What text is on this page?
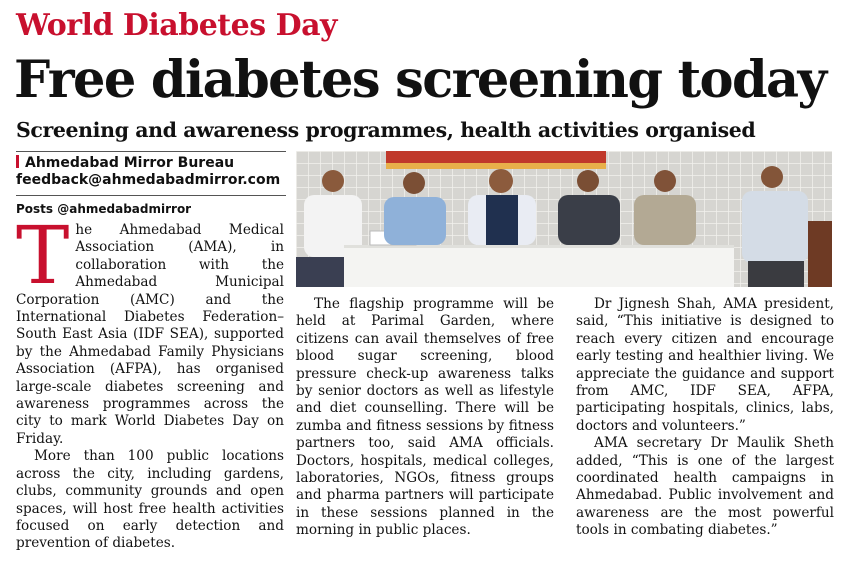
World Diabetes Day
Free diabetes screening today
Screening and awareness programmes, health activities organised
Ahmedabad Mirror Bureau
feedback@ahmedabadmirror.com
Posts @ahmedabadmirror

The Ahmedabad Medical Association (AMA), in collaboration with the Ahmedabad Municipal Corporation (AMC) and the International Diabetes Federation–South East Asia (IDF SEA), supported by the Ahmedabad Family Physicians Association (AFPA), has organised large-scale diabetes screening and awareness programmes across the city to mark World Diabetes Day on Friday.

More than 100 public locations across the city, including gardens, clubs, community grounds and open spaces, will host free health activities focused on early detection and prevention of diabetes.

The flagship programme will be held at Parimal Garden, where citizens can avail themselves of free blood sugar screening, blood pressure check-up awareness talks by senior doctors as well as lifestyle and diet counselling. There will be zumba and fitness sessions by fitness partners too, said AMA officials. Doctors, hospitals, medical colleges, laboratories, NGOs, fitness groups and pharma partners will participate in these sessions planned in the morning in public places.

Dr Jignesh Shah, AMA president, said, “This initiative is designed to reach every citizen and encourage early testing and healthier living. We appreciate the guidance and support from AMC, IDF SEA, AFPA, participating hospitals, clinics, labs, doctors and volunteers.”

AMA secretary Dr Maulik Sheth added, “This is one of the largest coordinated health campaigns in Ahmedabad. Public involvement and awareness are the most powerful tools in combating diabetes.”
